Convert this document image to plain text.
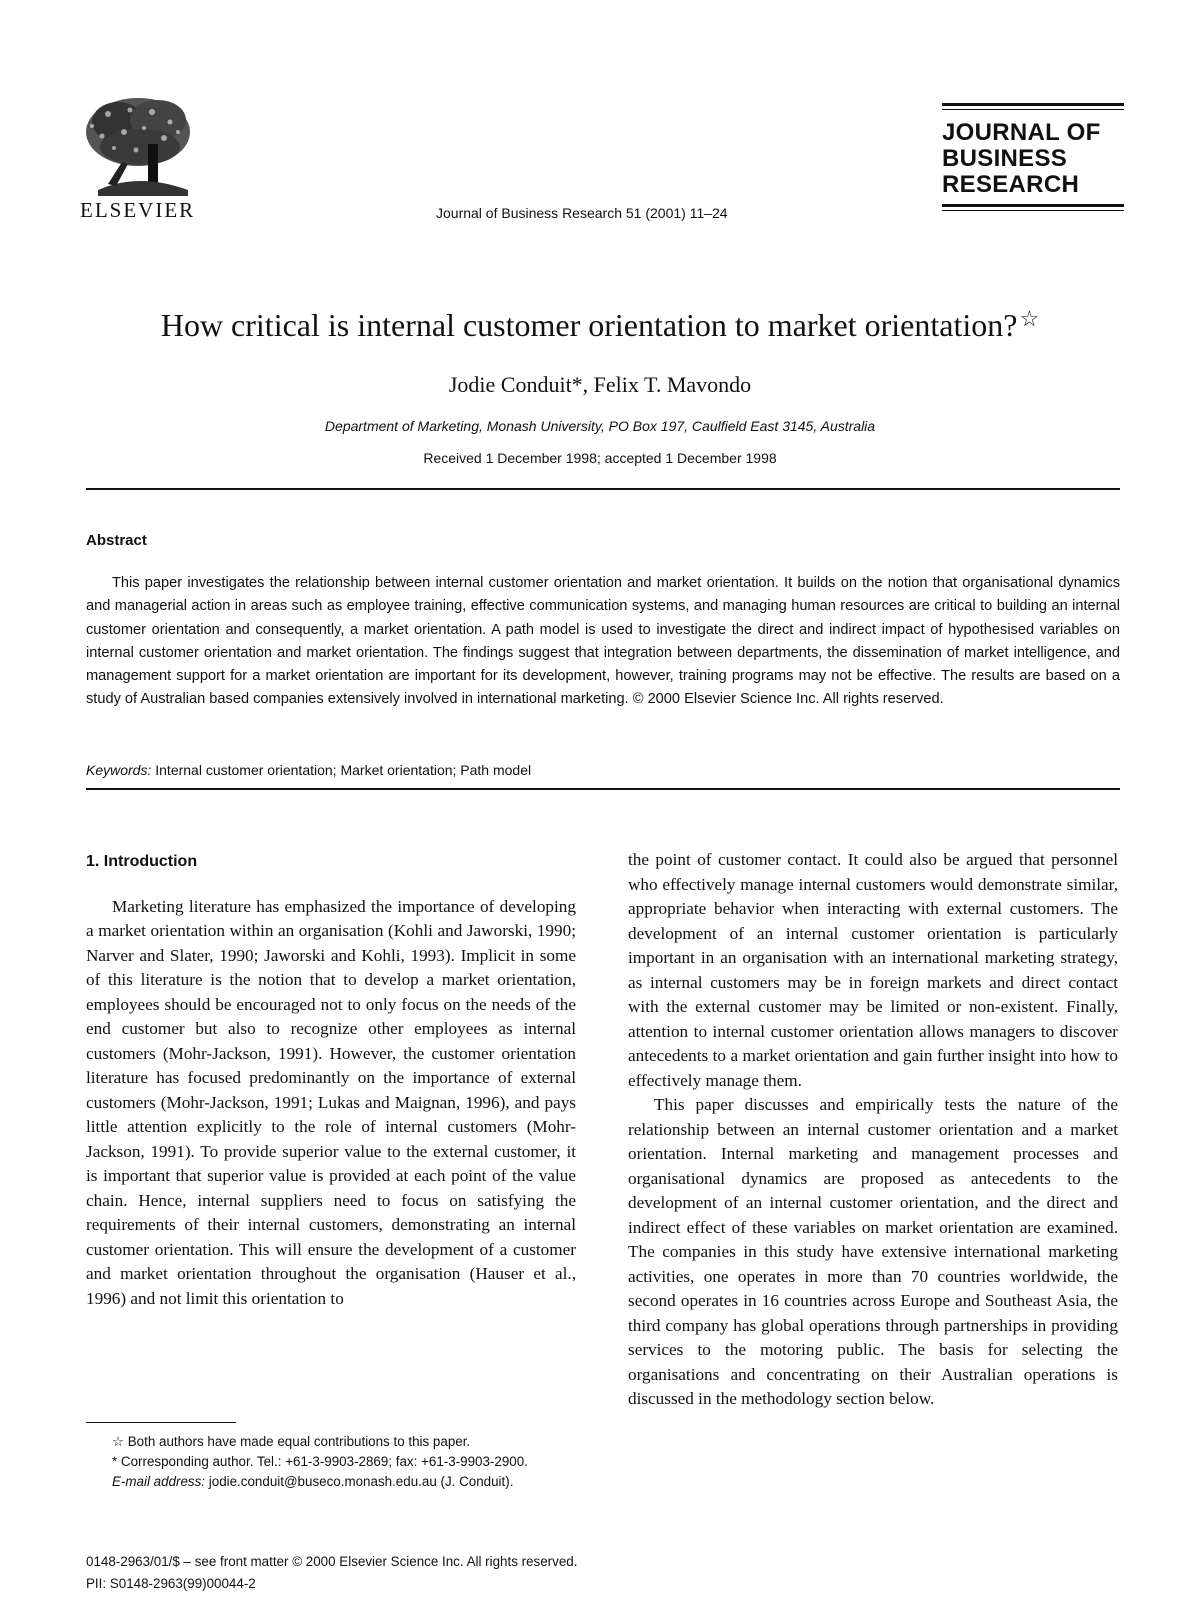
ELSEVIER	Journal of Business Research 51 (2001) 11–24
JOURNAL OF
BUSINESS
RESEARCH
How critical is internal customer orientation to market orientation?☆
Jodie Conduit*, Felix T. Mavondo
Department of Marketing, Monash University, PO Box 197, Caulfield East 3145, Australia
Received 1 December 1998; accepted 1 December 1998
Abstract

This paper investigates the relationship between internal customer orientation and market orientation. It builds on the notion that organisational dynamics and managerial action in areas such as employee training, effective communication systems, and managing human resources are critical to building an internal customer orientation and consequently, a market orientation. A path model is used to investigate the direct and indirect impact of hypothesised variables on internal customer orientation and market orientation. The findings suggest that integration between departments, the dissemination of market intelligence, and management support for a market orientation are important for its development, however, training programs may not be effective. The results are based on a study of Australian based companies extensively involved in international marketing. © 2000 Elsevier Science Inc. All rights reserved.

Keywords: Internal customer orientation; Market orientation; Path model

1. Introduction

Marketing literature has emphasized the importance of developing a market orientation within an organisation (Kohli and Jaworski, 1990; Narver and Slater, 1990; Jaworski and Kohli, 1993). Implicit in some of this literature is the notion that to develop a market orientation, employees should be encouraged not to only focus on the needs of the end customer but also to recognize other employees as internal customers (Mohr-Jackson, 1991). However, the customer orientation literature has focused predominantly on the importance of external customers (Mohr-Jackson, 1991; Lukas and Maignan, 1996), and pays little attention explicitly to the role of internal customers (Mohr-Jackson, 1991). To provide superior value to the external customer, it is important that superior value is provided at each point of the value chain. Hence, internal suppliers need to focus on satisfying the requirements of their internal customers, demonstrating an internal customer orientation. This will ensure the development of a customer and market orientation throughout the organisation (Hauser et al., 1996) and not limit this orientation to

the point of customer contact. It could also be argued that personnel who effectively manage internal customers would demonstrate similar, appropriate behavior when interacting with external customers. The development of an internal customer orientation is particularly important in an organisation with an international marketing strategy, as internal customers may be in foreign markets and direct contact with the external customer may be limited or non-existent. Finally, attention to internal customer orientation allows managers to discover antecedents to a market orientation and gain further insight into how to effectively manage them.

This paper discusses and empirically tests the nature of the relationship between an internal customer orientation and a market orientation. Internal marketing and management processes and organisational dynamics are proposed as antecedents to the development of an internal customer orientation, and the direct and indirect effect of these variables on market orientation are examined. The companies in this study have extensive international marketing activities, one operates in more than 70 countries worldwide, the second operates in 16 countries across Europe and Southeast Asia, the third company has global operations through partnerships in providing services to the motoring public. The basis for selecting the organisations and concentrating on their Australian operations is discussed in the methodology section below.

☆ Both authors have made equal contributions to this paper.
* Corresponding author. Tel.: +61-3-9903-2869; fax: +61-3-9903-2900.
E-mail address: jodie.conduit@buseco.monash.edu.au (J. Conduit).
0148-2963/01/$ – see front matter © 2000 Elsevier Science Inc. All rights reserved.
PII: S0148-2963(99)00044-2
